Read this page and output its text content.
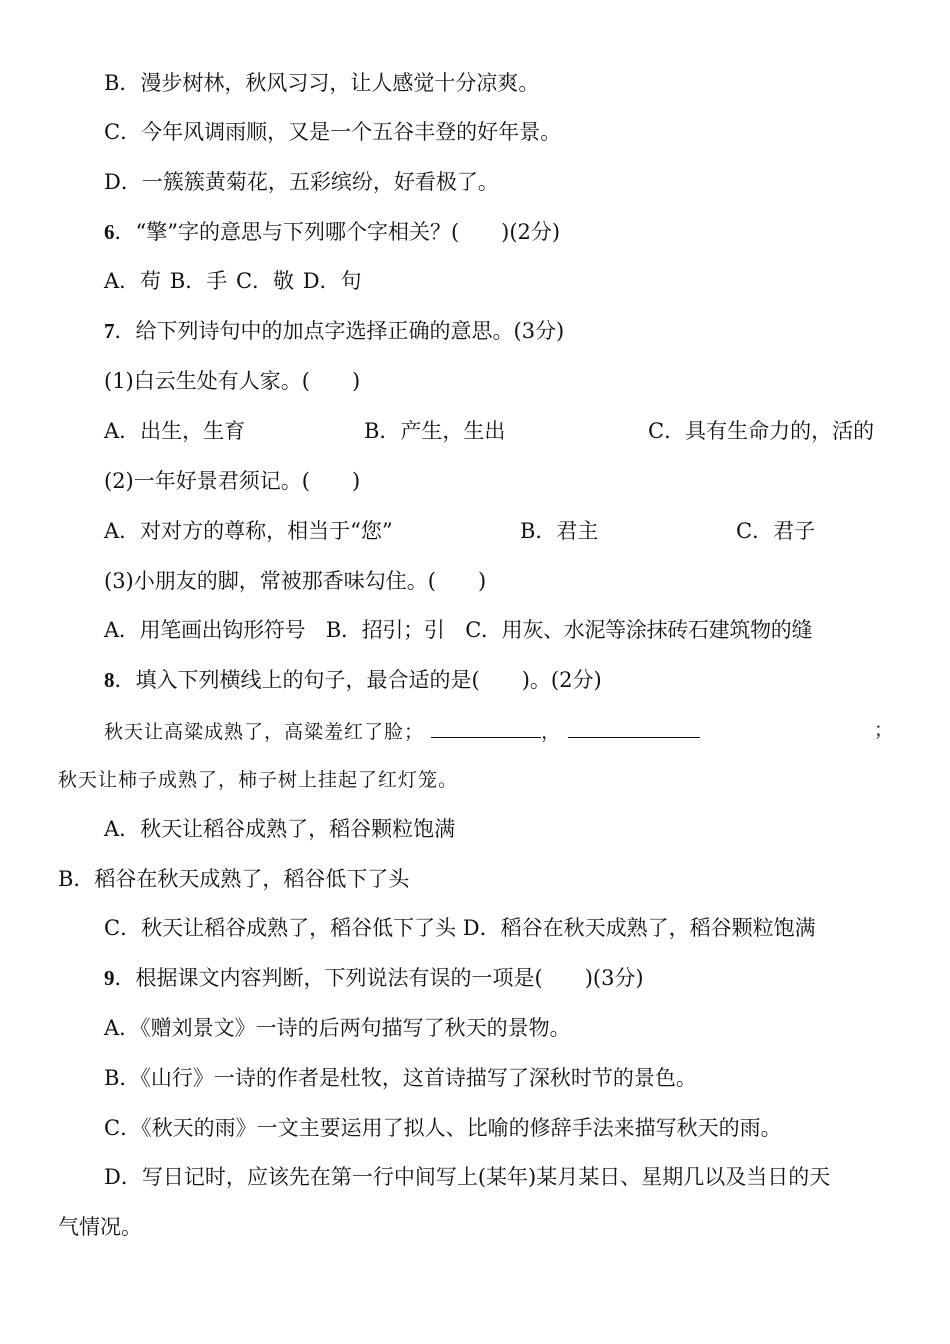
B．漫步树林，秋风习习，让人感觉十分凉爽。
C．今年风调雨顺，又是一个五谷丰登的好年景。
D．一簇簇黄菊花，五彩缤纷，好看极了。
6．“擎”字的意思与下列哪个字相关？(　　)(2分)
A．苟 B．手 C．敬 D．句
7．给下列诗句中的加点字选择正确的意思。(3分)
(1)白云生处有人家。(　　)
A．出生，生育	B．产生，生出	C．具有生命力的，活的
(2)一年好景君须记。(　　)
A．对对方的尊称，相当于“您”	B．君主	C．君子
(3)小朋友的脚，常被那香味勾住。(　　)
A．用笔画出钩形符号　B．招引；引　C．用灰、水泥等涂抹砖石建筑物的缝
8．填入下列横线上的句子，最合适的是(　　)。(2分)
秋天让高粱成熟了，高粱羞红了脸；	，	；
秋天让柿子成熟了，柿子树上挂起了红灯笼。
A．秋天让稻谷成熟了，稻谷颗粒饱满
B．稻谷在秋天成熟了，稻谷低下了头
C．秋天让稻谷成熟了，稻谷低下了头 D．稻谷在秋天成熟了，稻谷颗粒饱满
9．根据课文内容判断，下列说法有误的一项是(　　)(3分)
A．《赠刘景文》一诗的后两句描写了秋天的景物。
B．《山行》一诗的作者是杜牧，这首诗描写了深秋时节的景色。
C．《秋天的雨》一文主要运用了拟人、比喻的修辞手法来描写秋天的雨。
D．写日记时，应该先在第一行中间写上(某年)某月某日、星期几以及当日的天
气情况。
